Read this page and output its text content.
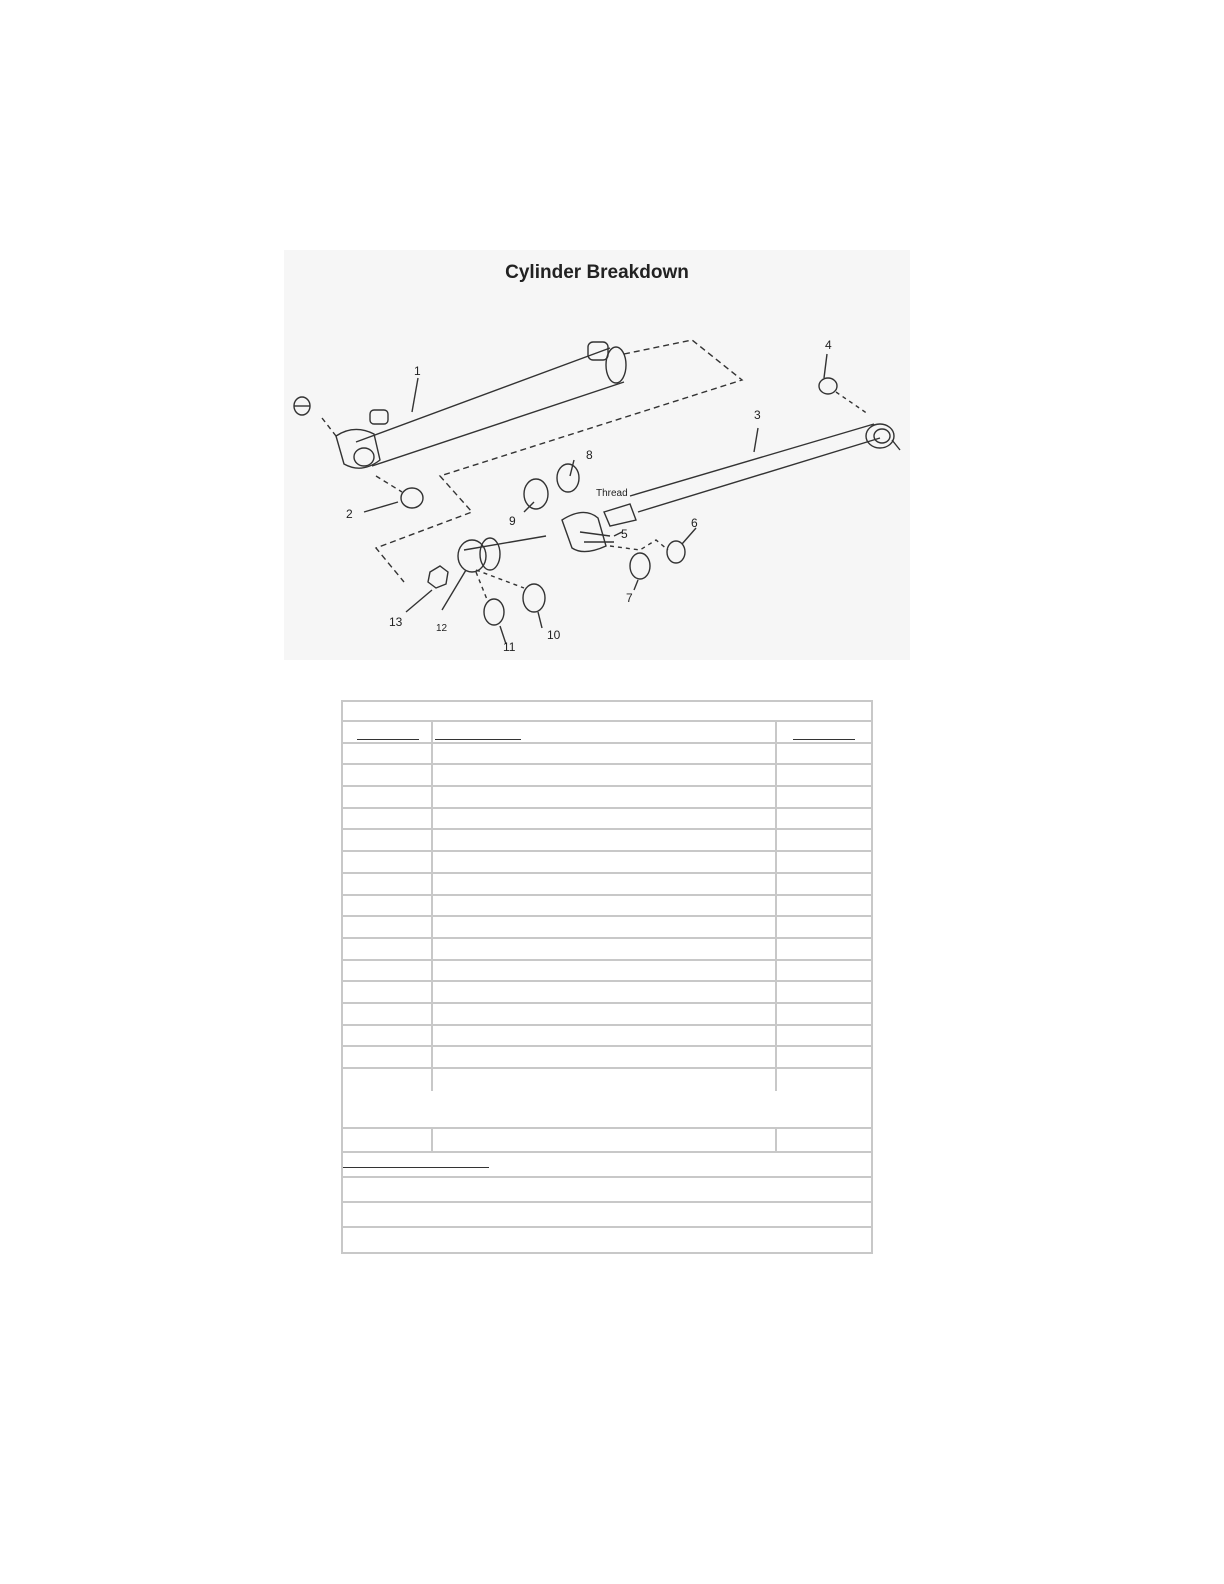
Cylinder Breakdown
1
2
3
4
5
6
7
8
9
10
11
12
13
Thread
